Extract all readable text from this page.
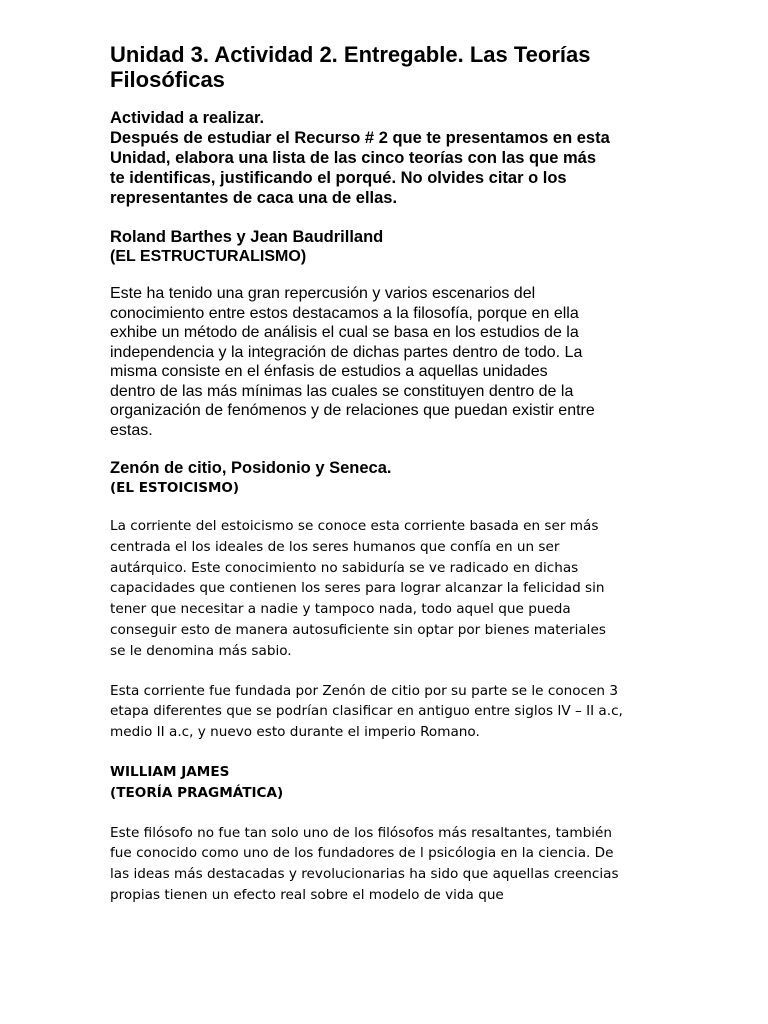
Unidad 3. Actividad 2. Entregable. Las Teorías
Filosóficas
Actividad a realizar.
Después de estudiar el Recurso # 2 que te presentamos en esta
Unidad, elabora una lista de las cinco teorías con las que más
te identificas, justificando el porqué. No olvides citar o los
representantes de caca una de ellas.
Roland Barthes y Jean Baudrilland
(EL ESTRUCTURALISMO)
Este ha tenido una gran repercusión y varios escenarios del
conocimiento entre estos destacamos a la filosofía, porque en ella
exhibe un método de análisis el cual se basa en los estudios de la
independencia y la integración de dichas partes dentro de todo. La
misma consiste en el énfasis de estudios a aquellas unidades
dentro de las más mínimas las cuales se constituyen dentro de la
organización de fenómenos y de relaciones que puedan existir entre
estas.
Zenón de citio, Posidonio y Seneca.
(EL ESTOICISMO)
La corriente del estoicismo se conoce esta corriente basada en ser más
centrada el los ideales de los seres humanos que confía en un ser
autárquico. Este conocimiento no sabiduría se ve radicado en dichas
capacidades que contienen los seres para lograr alcanzar la felicidad sin
tener que necesitar a nadie y tampoco nada, todo aquel que pueda
conseguir esto de manera autosuficiente sin optar por bienes materiales
se le denomina más sabio.
Esta corriente fue fundada por Zenón de citio por su parte se le conocen 3
etapa diferentes que se podrían clasificar en antiguo entre siglos IV – II a.c,
medio II a.c, y nuevo esto durante el imperio Romano.
WILLIAM JAMES
(TEORÍA PRAGMÁTICA)
Este filósofo no fue tan solo uno de los filósofos más resaltantes, también
fue conocido como uno de los fundadores de l psicólogia en la ciencia. De
las ideas más destacadas y revolucionarias ha sido que aquellas creencias
propias tienen un efecto real sobre el modelo de vida que
